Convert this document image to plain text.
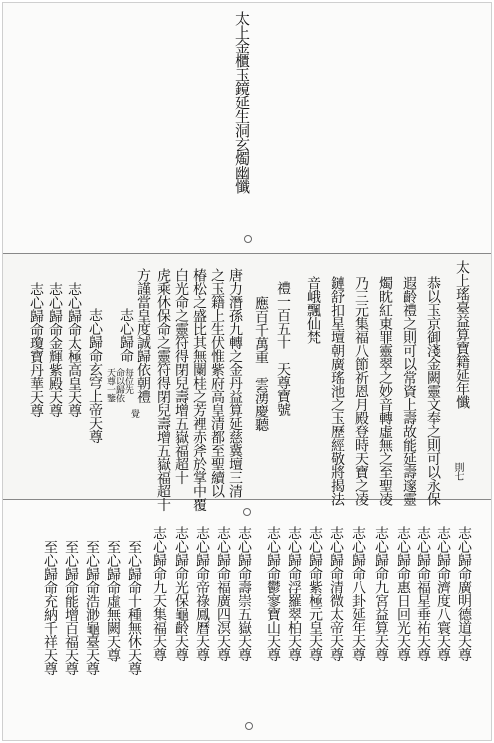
太上金櫃玉鏡延生洞玄燭幽懺
則七
太上瑤臺益算寶籍延年懺
恭以玉京御淺金闕靈文奉之則可以永保
遐齡禮之則可以常資上壽故能延壽邃靈
燭眈紅東罪靈翠之妙音轉虛無之至聖凌
乃三元集福八節祈恩月殿登時天寶之凌
鏈舒扣星壇朝廣瑤池之玉歷經敬將揭法
音峨飄仙梵
禮一百五十　天尊寶號
應百千萬重　雲湧慶聽
唐力潛孫九轉之金丹益算延慈冀壇三清
之玉籍上生伏惟紫府高皇清都至聖續以
椿松之盛比其無闌桂之芳裡赤斧於掌中覆
白光命之靈符得閉兒壽增五嶽福超十
虎乘休保命之靈符得閉兒壽增五嶽福超十
方謹當皇度誠歸依朝禮
志心歸命
每位先
命以歸依
天尊一鑒
覺
志心歸命玄穹上帝天尊
志心歸命太極高皇天尊
志心歸命金輝紫殿天尊
志心歸命瓊寶丹華天尊
志心歸命廣明德道天尊
志心歸命濟度八寰天尊
志心歸命福星垂祐天尊
志心歸命惠日回光天尊
志心歸命九宮益算天尊
志心歸命八卦延年天尊
志心歸命清微太帝天尊
志心歸命紫極元皇天尊
志心歸命浮羅翠柏天尊
志心歸命鬱寥寶山天尊
志心歸命壽崇五嶽天尊
志心歸命福廣四溟天尊
志心歸命帝祿鳳曆天尊
志心歸命光保龜齡天尊
志心歸命九天集福天尊
至心歸命十種無休天尊
至心歸命虛無闕天尊
至心歸命浩渺龜臺天尊
至心歸命能增百福天尊
至心歸命充納千祥天尊
